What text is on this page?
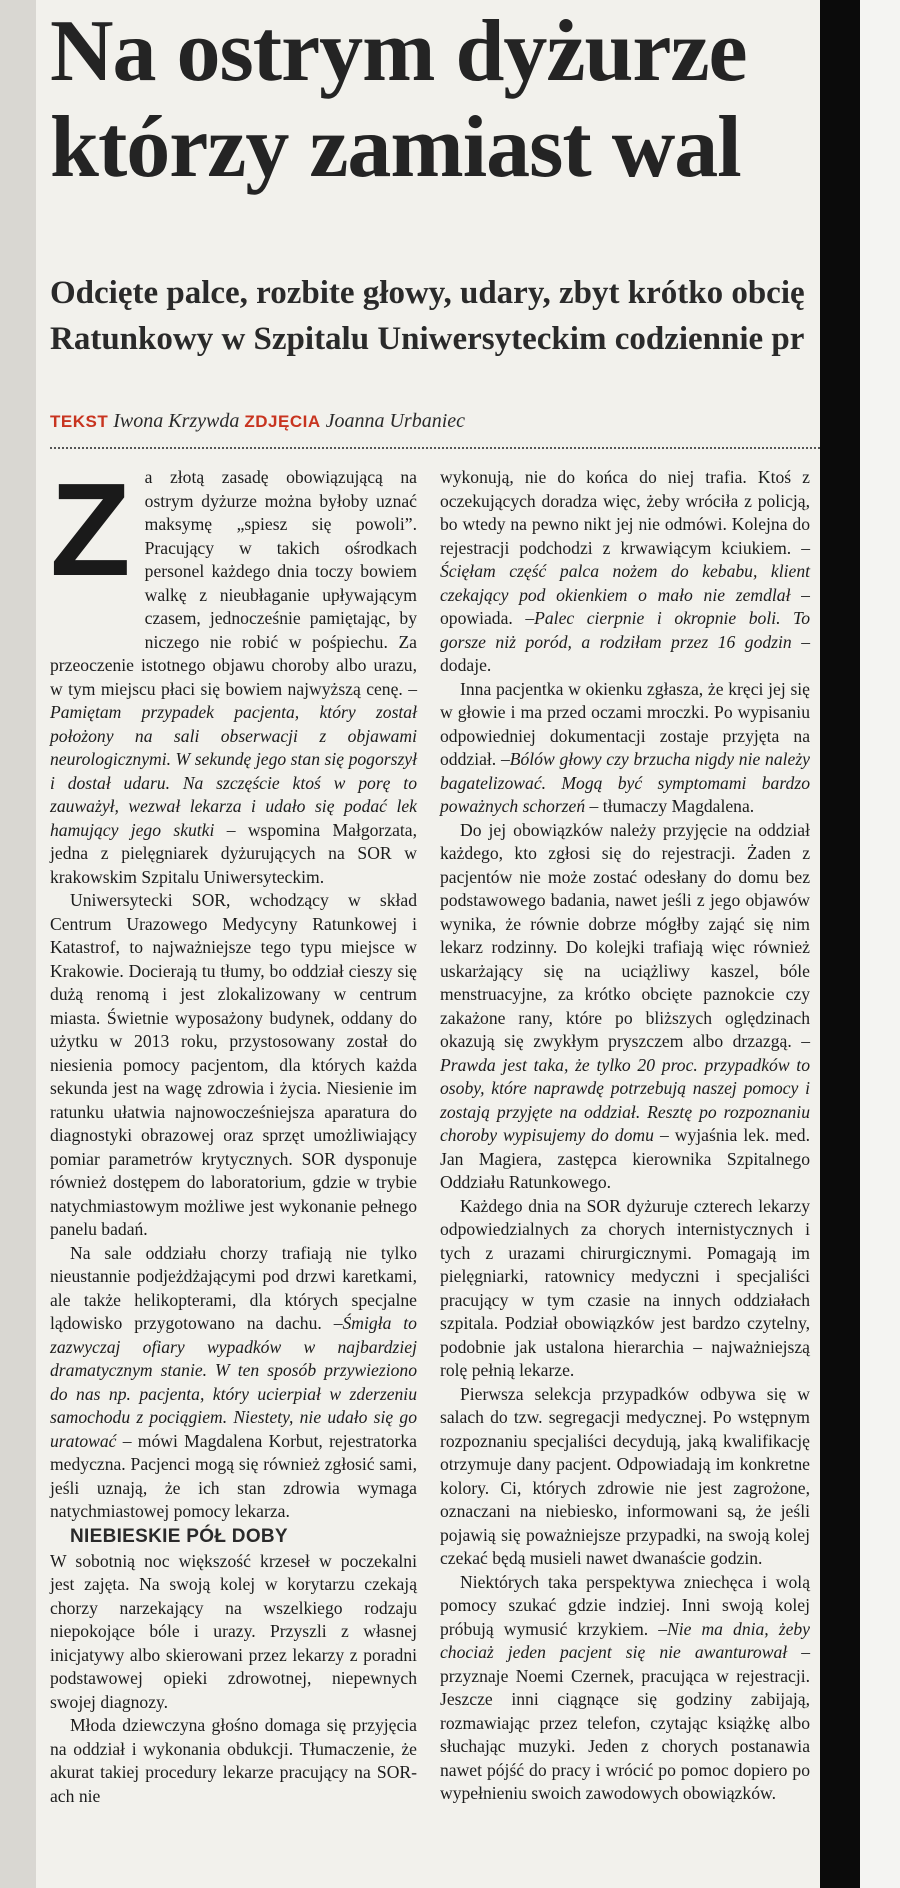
Na ostrym dyżurze
którzy zamiast wal
Odcięte palce, rozbite głowy, udary, zbyt krótko obcię
Ratunkowy w Szpitalu Uniwersyteckim codziennie pr
TEKST Iwona Krzywda ZDJĘCIA Joanna Urbaniec

Za złotą zasadę obowiązującą na ostrym dyżurze można byłoby uznać maksymę „spiesz się powoli”. Pracujący w takich ośrodkach personel każdego dnia toczy bowiem walkę z nieubłaganie upływającym czasem, jednocześnie pamiętając, by niczego nie robić w pośpiechu. Za przeoczenie istotnego objawu choroby albo urazu, w tym miejscu płaci się bowiem najwyższą cenę. –Pamiętam przypadek pacjenta, który został położony na sali obserwacji z objawami neurologicznymi. W sekundę jego stan się pogorszył i dostał udaru. Na szczęście ktoś w porę to zauważył, wezwał lekarza i udało się podać lek hamujący jego skutki – wspomina Małgorzata, jedna z pielęgniarek dyżurujących na SOR w krakowskim Szpitalu Uniwersyteckim.

Uniwersytecki SOR, wchodzący w skład Centrum Urazowego Medycyny Ratunkowej i Katastrof, to najważniejsze tego typu miejsce w Krakowie. Docierają tu tłumy, bo oddział cieszy się dużą renomą i jest zlokalizowany w centrum miasta. Świetnie wyposażony budynek, oddany do użytku w 2013 roku, przystosowany został do niesienia pomocy pacjentom, dla których każda sekunda jest na wagę zdrowia i życia. Niesienie im ratunku ułatwia najnowocześniejsza aparatura do diagnostyki obrazowej oraz sprzęt umożliwiający pomiar parametrów krytycznych. SOR dysponuje również dostępem do laboratorium, gdzie w trybie natychmiastowym możliwe jest wykonanie pełnego panelu badań.

Na sale oddziału chorzy trafiają nie tylko nieustannie podjeżdżającymi pod drzwi karetkami, ale także helikopterami, dla których specjalne lądowisko przygotowano na dachu. –Śmigła to zazwyczaj ofiary wypadków w najbardziej dramatycznym stanie. W ten sposób przywieziono do nas np. pacjenta, który ucierpiał w zderzeniu samochodu z pociągiem. Niestety, nie udało się go uratować – mówi Magdalena Korbut, rejestratorka medyczna. Pacjenci mogą się również zgłosić sami, jeśli uznają, że ich stan zdrowia wymaga natychmiastowej pomocy lekarza.

NIEBIESKIE PÓŁ DOBY

W sobotnią noc większość krzeseł w poczekalni jest zajęta. Na swoją kolej w korytarzu czekają chorzy narzekający na wszelkiego rodzaju niepokojące bóle i urazy. Przyszli z własnej inicjatywy albo skierowani przez lekarzy z poradni podstawowej opieki zdrowotnej, niepewnych swojej diagnozy.

Młoda dziewczyna głośno domaga się przyjęcia na oddział i wykonania obdukcji. Tłumaczenie, że akurat takiej procedury lekarze pracujący na SOR-ach nie

wykonują, nie do końca do niej trafia. Ktoś z oczekujących doradza więc, żeby wróciła z policją, bo wtedy na pewno nikt jej nie odmówi. Kolejna do rejestracji podchodzi z krwawiącym kciukiem. –Ścięłam część palca nożem do kebabu, klient czekający pod okienkiem o mało nie zemdlał – opowiada. –Palec cierpnie i okropnie boli. To gorsze niż poród, a rodziłam przez 16 godzin – dodaje.

Inna pacjentka w okienku zgłasza, że kręci jej się w głowie i ma przed oczami mroczki. Po wypisaniu odpowiedniej dokumentacji zostaje przyjęta na oddział. –Bólów głowy czy brzucha nigdy nie należy bagatelizować. Mogą być symptomami bardzo poważnych schorzeń – tłumaczy Magdalena.

Do jej obowiązków należy przyjęcie na oddział każdego, kto zgłosi się do rejestracji. Żaden z pacjentów nie może zostać odesłany do domu bez podstawowego badania, nawet jeśli z jego objawów wynika, że równie dobrze mógłby zająć się nim lekarz rodzinny. Do kolejki trafiają więc również uskarżający się na uciążliwy kaszel, bóle menstruacyjne, za krótko obcięte paznokcie czy zakażone rany, które po bliższych oględzinach okazują się zwykłym pryszczem albo drzazgą. –Prawda jest taka, że tylko 20 proc. przypadków to osoby, które naprawdę potrzebują naszej pomocy i zostają przyjęte na oddział. Resztę po rozpoznaniu choroby wypisujemy do domu – wyjaśnia lek. med. Jan Magiera, zastępca kierownika Szpitalnego Oddziału Ratunkowego.

Każdego dnia na SOR dyżuruje czterech lekarzy odpowiedzialnych za chorych internistycznych i tych z urazami chirurgicznymi. Pomagają im pielęgniarki, ratownicy medyczni i specjaliści pracujący w tym czasie na innych oddziałach szpitala. Podział obowiązków jest bardzo czytelny, podobnie jak ustalona hierarchia – najważniejszą rolę pełnią lekarze.

Pierwsza selekcja przypadków odbywa się w salach do tzw. segregacji medycznej. Po wstępnym rozpoznaniu specjaliści decydują, jaką kwalifikację otrzymuje dany pacjent. Odpowiadają im konkretne kolory. Ci, których zdrowie nie jest zagrożone, oznaczani na niebiesko, informowani są, że jeśli pojawią się poważniejsze przypadki, na swoją kolej czekać będą musieli nawet dwanaście godzin.

Niektórych taka perspektywa zniechęca i wolą pomocy szukać gdzie indziej. Inni swoją kolej próbują wymusić krzykiem. –Nie ma dnia, żeby chociaż jeden pacjent się nie awanturował – przyznaje Noemi Czernek, pracująca w rejestracji. Jeszcze inni ciągnące się godziny zabijają, rozmawiając przez telefon, czytając książkę albo słuchając muzyki. Jeden z chorych postanawia nawet pójść do pracy i wrócić po pomoc dopiero po wypełnieniu swoich zawodowych obowiązków.
